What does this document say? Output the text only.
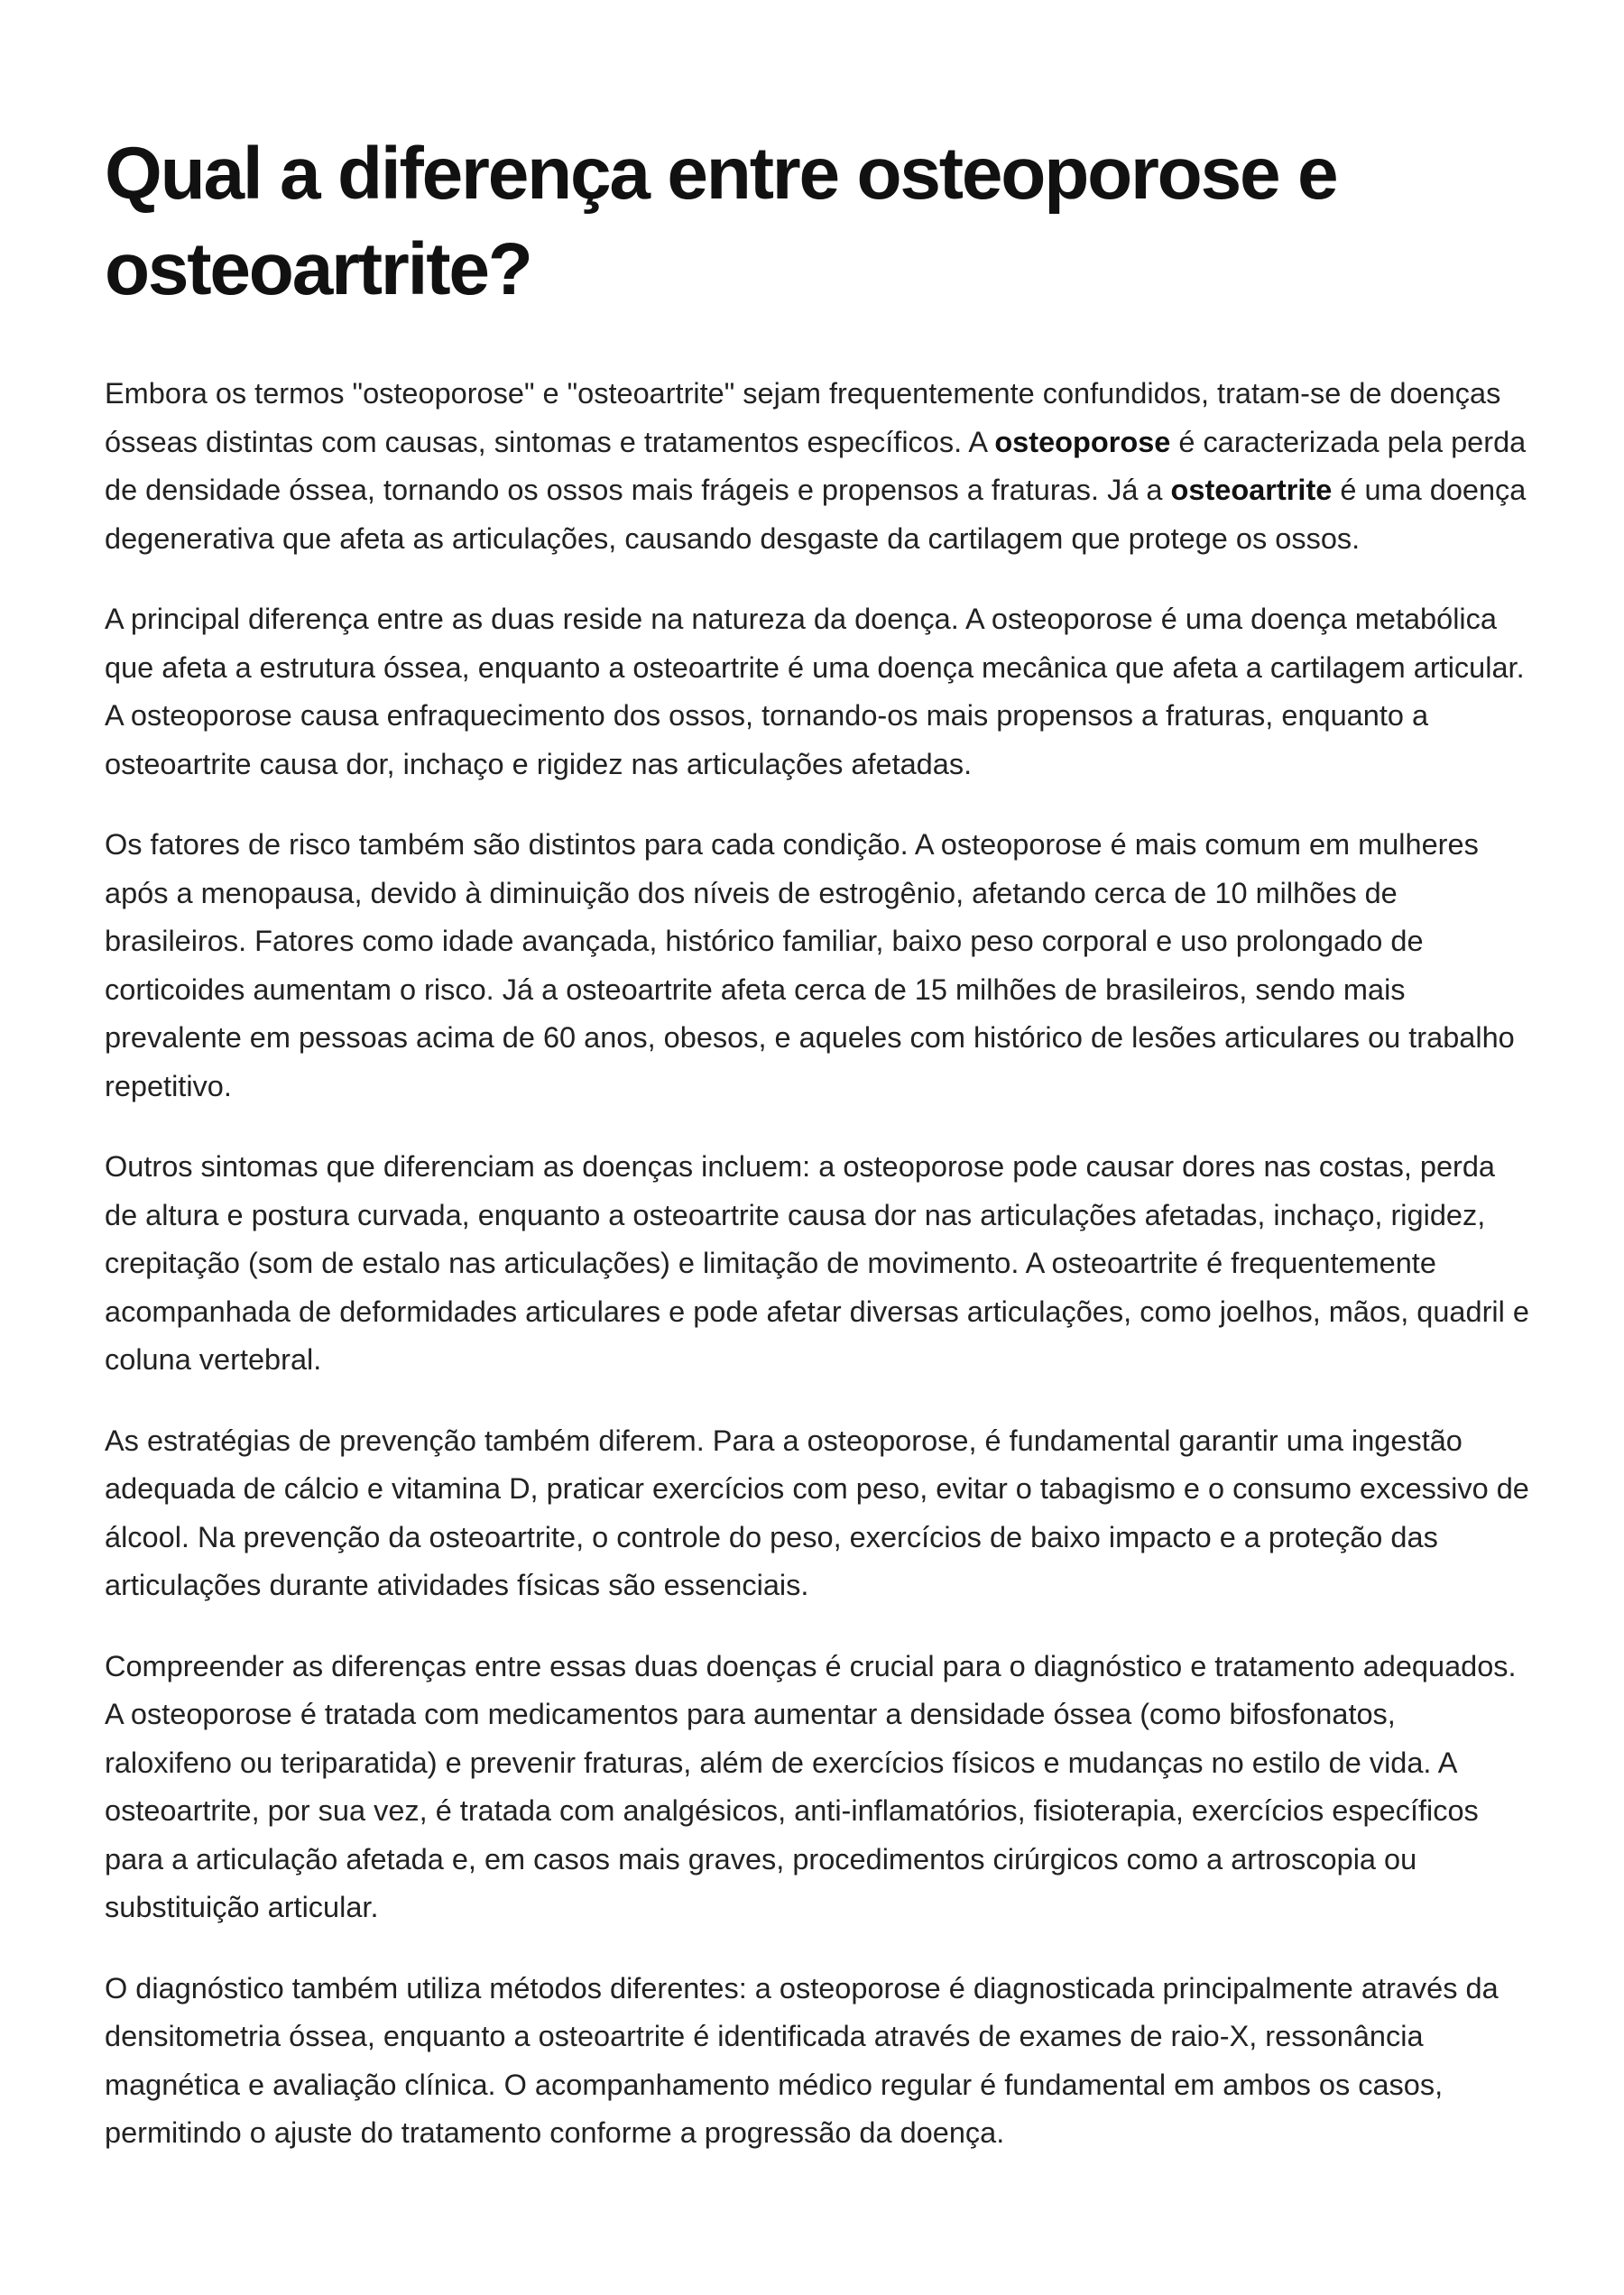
Qual a diferença entre osteoporose e osteoartrite?

Embora os termos "osteoporose" e "osteoartrite" sejam frequentemente confundidos, tratam-se de doenças ósseas distintas com causas, sintomas e tratamentos específicos. A osteoporose é caracterizada pela perda de densidade óssea, tornando os ossos mais frágeis e propensos a fraturas. Já a osteoartrite é uma doença degenerativa que afeta as articulações, causando desgaste da cartilagem que protege os ossos.

A principal diferença entre as duas reside na natureza da doença. A osteoporose é uma doença metabólica que afeta a estrutura óssea, enquanto a osteoartrite é uma doença mecânica que afeta a cartilagem articular. A osteoporose causa enfraquecimento dos ossos, tornando-os mais propensos a fraturas, enquanto a osteoartrite causa dor, inchaço e rigidez nas articulações afetadas.

Os fatores de risco também são distintos para cada condição. A osteoporose é mais comum em mulheres após a menopausa, devido à diminuição dos níveis de estrogênio, afetando cerca de 10 milhões de brasileiros. Fatores como idade avançada, histórico familiar, baixo peso corporal e uso prolongado de corticoides aumentam o risco. Já a osteoartrite afeta cerca de 15 milhões de brasileiros, sendo mais prevalente em pessoas acima de 60 anos, obesos, e aqueles com histórico de lesões articulares ou trabalho repetitivo.

Outros sintomas que diferenciam as doenças incluem: a osteoporose pode causar dores nas costas, perda de altura e postura curvada, enquanto a osteoartrite causa dor nas articulações afetadas, inchaço, rigidez, crepitação (som de estalo nas articulações) e limitação de movimento. A osteoartrite é frequentemente acompanhada de deformidades articulares e pode afetar diversas articulações, como joelhos, mãos, quadril e coluna vertebral.

As estratégias de prevenção também diferem. Para a osteoporose, é fundamental garantir uma ingestão adequada de cálcio e vitamina D, praticar exercícios com peso, evitar o tabagismo e o consumo excessivo de álcool. Na prevenção da osteoartrite, o controle do peso, exercícios de baixo impacto e a proteção das articulações durante atividades físicas são essenciais.

Compreender as diferenças entre essas duas doenças é crucial para o diagnóstico e tratamento adequados. A osteoporose é tratada com medicamentos para aumentar a densidade óssea (como bifosfonatos, raloxifeno ou teriparatida) e prevenir fraturas, além de exercícios físicos e mudanças no estilo de vida. A osteoartrite, por sua vez, é tratada com analgésicos, anti-inflamatórios, fisioterapia, exercícios específicos para a articulação afetada e, em casos mais graves, procedimentos cirúrgicos como a artroscopia ou substituição articular.

O diagnóstico também utiliza métodos diferentes: a osteoporose é diagnosticada principalmente através da densitometria óssea, enquanto a osteoartrite é identificada através de exames de raio-X, ressonância magnética e avaliação clínica. O acompanhamento médico regular é fundamental em ambos os casos, permitindo o ajuste do tratamento conforme a progressão da doença.
